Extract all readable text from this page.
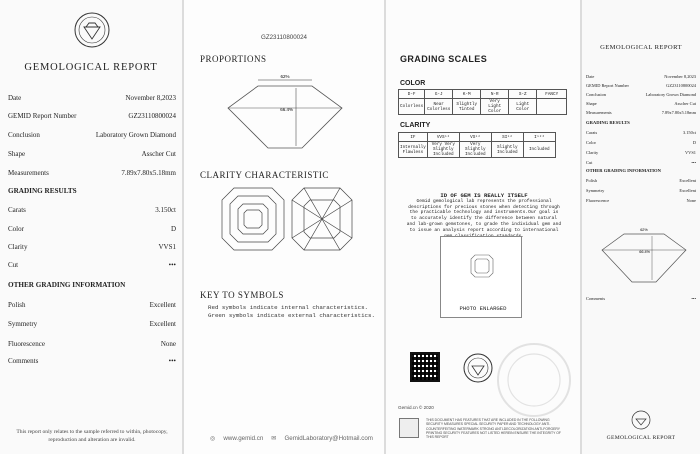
GEMOLOGICAL REPORT
Date	November 8,2023
GEMID Report Number	GZ23110800024
Conclusion	Laboratory Grown Diamond
Shape	Asscher Cut
Measurements	7.89x7.80x5.18mm
GRADING RESULTS
Carats	3.150ct
Color	D
Clarity	VVS1
Cut	•••
OTHER GRADING INFORMATION
Polish	Excellent
Symmetry	Excellent
Fluorescence	None
Comments	•••
This report only relates to the sample referred to within, photocopy, reproduction and alteration are invalid.
GZ23110800024
PROPORTIONS
62%
66.4%
CLARITY CHARACTERISTIC
KEY TO SYMBOLS
Red symbols indicate internal characteristics.
Green symbols indicate external characteristics.
◎ www.gemid.cn ✉ GemidLaboratory@Hotmail.com
GRADING SCALES
COLOR
D-F	G-J	K-M	N-R	S-Z	FANCY
Colorless	Near Colorless	Slightly Tinted	Very Light Color	Light Color	
CLARITY
IF	VVS¹²	VS¹²	SI¹²	I¹²³
Internally Flawless	Very Very Slightly Included	Very Slightly Included	Slightly Included	Included
ID OF GEM IS REALLY ITSELF
Gemid gemological lab represents the professional descriptions for precious stones when detecting through the practicable technology and instruments.Our goal is to accurately identify the difference between natural and lab-grown gemstones, to grade the individual gem and to issue an analysis report according to international
PHOTO ENLARGED
Gemid.cn © 2020
THIS DOCUMENT HAS FEATURES THAT ARE INCLUDED IN THE FOLLOWING SECURITY MEASURES SPECIAL SECURITY PAPER AND TECHNOLOGY ANTI-COUNTERFEITING WATERMARK STRONG ANTI-DECOLORIZATION ANTI-FORGERY PRINTING SECURITY FEATURES NOT LISTED HEREIN ENSURE THE INTEGRITY OF THIS REPORT
GEMOLOGICAL REPORT
Date	November 8,2023
GEMID Report Number	GZ23110800024
Conclusion	Laboratory Grown Diamond
Shape	Asscher Cut
Measurements	7.89x7.80x5.18mm
GRADING RESULTS
Carats	3.150ct
Color	D
Clarity	VVS1
Cut	•••
OTHER GRADING INFORMATION
Polish	Excellent
Symmetry	Excellent
Fluorescence	None
62%
66.4%
Comments	•••
GEMOLOGICAL REPORT
